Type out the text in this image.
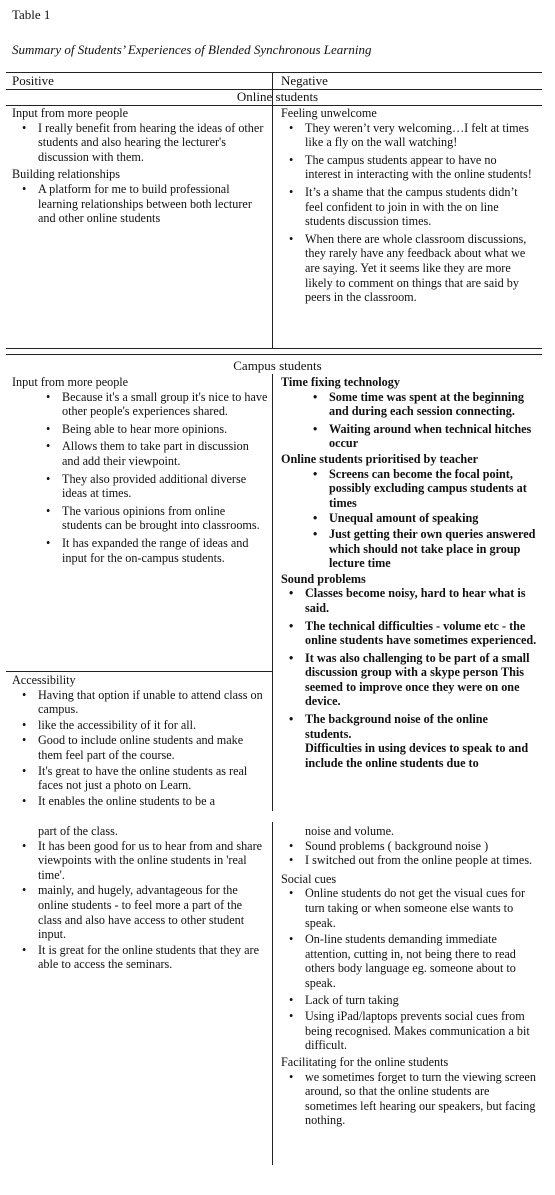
Table 1
Summary of Students’ Experiences of Blended Synchronous Learning
Positive	Negative
Online students
Input from more people
• I really benefit from hearing the ideas of other students and also hearing the lecturer's discussion with them.
Building relationships
• A platform for me to build professional learning relationships between both lecturer and other online students
Feeling unwelcome
• They weren’t very welcoming…I felt at times like a fly on the wall watching!
• The campus students appear to have no interest in interacting with the online students!
• It’s a shame that the campus students didn’t feel confident to join in with the on line students discussion times.
• When there are whole classroom discussions, they rarely have any feedback about what we are saying. Yet it seems like they are more likely to comment on things that are said by peers in the classroom.
Campus students
Input from more people
• Because it's a small group it's nice to have other people's experiences shared.
• Being able to hear more opinions.
• Allows them to take part in discussion and add their viewpoint.
• They also provided additional diverse ideas at times.
• The various opinions from online students can be brought into classrooms.
• It has expanded the range of ideas and input for the on-campus students.
Accessibility
• Having that option if unable to attend class on campus.
• like the accessibility of it for all.
• Good to include online students and make them feel part of the course.
• It's great to have the online students as real faces not just a photo on Learn.
• It enables the online students to be a
part of the class.
• It has been good for us to hear from and share viewpoints with the online students in 'real time'.
• mainly, and hugely, advantageous for the online students - to feel more a part of the class and also have access to other student input.
• It is great for the online students that they are able to access the seminars.
Time fixing technology
• Some time was spent at the beginning and during each session connecting.
• Waiting around when technical hitches occur
Online students prioritised by teacher
• Screens can become the focal point, possibly excluding campus students at times
• Unequal amount of speaking
• Just getting their own queries answered which should not take place in group lecture time
Sound problems
• Classes become noisy, hard to hear what is said.
• The technical difficulties - volume etc - the online students have sometimes experienced.
• It was also challenging to be part of a small discussion group with a skype person This seemed to improve once they were on one device.
• The background noise of the online students.
Difficulties in using devices to speak to and include the online students due to
noise and volume.
• Sound problems ( background noise )
• I switched out from the online people at times.
Social cues
• Online students do not get the visual cues for turn taking or when someone else wants to speak.
• On-line students demanding immediate attention, cutting in, not being there to read others body language eg. someone about to speak.
• Lack of turn taking
• Using iPad/laptops prevents social cues from being recognised. Makes communication a bit difficult.
Facilitating for the online students
• we sometimes forget to turn the viewing screen around, so that the online students are sometimes left hearing our speakers, but facing nothing.
